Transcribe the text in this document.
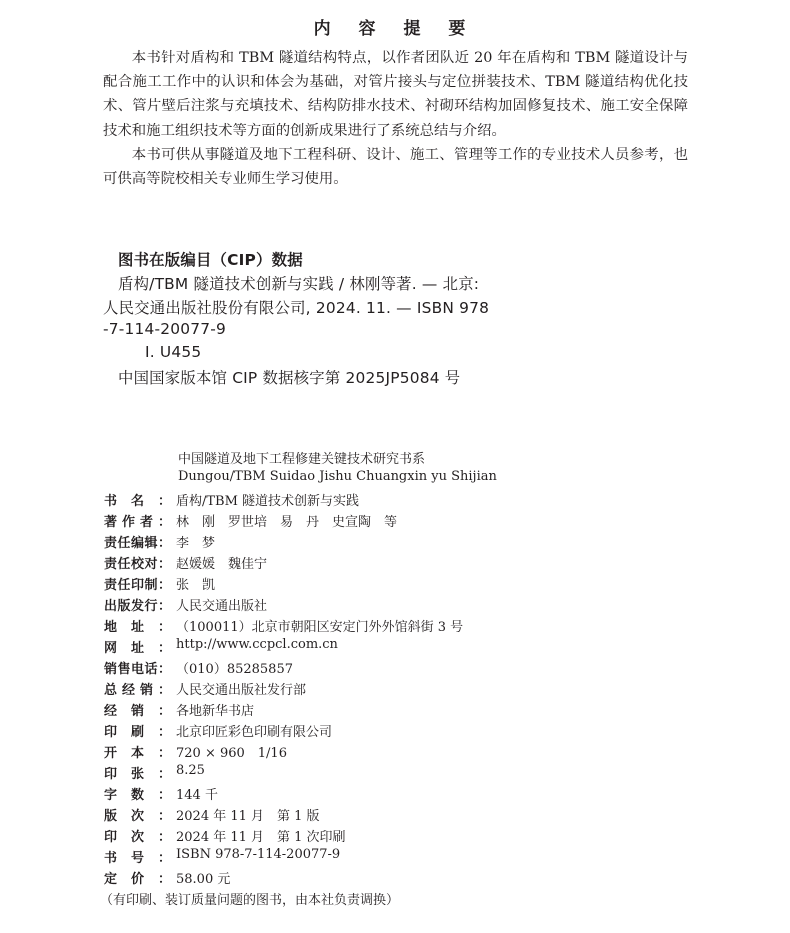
内 容 提 要

本书针对盾构和 TBM 隧道结构特点，以作者团队近 20 年在盾构和 TBM 隧道设计与配合施工工作中的认识和体会为基础，对管片接头与定位拼装技术、TBM 隧道结构优化技术、管片壁后注浆与充填技术、结构防排水技术、衬砌环结构加固修复技术、施工安全保障技术和施工组织技术等方面的创新成果进行了系统总结与介绍。

本书可供从事隧道及地下工程科研、设计、施工、管理等工作的专业技术人员参考，也可供高等院校相关专业师生学习使用。

图书在版编目（CIP）数据
盾构/TBM 隧道技术创新与实践 / 林刚等著. — 北京:
人民交通出版社股份有限公司, 2024. 11. — ISBN 978
-7-114-20077-9
Ⅰ. U455
中国国家版本馆 CIP 数据核字第 2025JP5084 号
中国隧道及地下工程修建关键技术研究书系
Dungou/TBM Suidao Jishu Chuangxin yu Shijian
书名： 盾构/TBM 隧道技术创新与实践
著作者： 林　刚　罗世培　易　丹　史宣陶　等
责任编辑： 李　梦
责任校对： 赵媛媛　魏佳宁
责任印制： 张　凯
出版发行： 人民交通出版社
地址： （100011）北京市朝阳区安定门外外馆斜街 3 号
网址： http://www.ccpcl.com.cn
销售电话： （010）85285857
总经销： 人民交通出版社发行部
经销： 各地新华书店
印刷： 北京印匠彩色印刷有限公司
开本： 720 × 960　1/16
印张： 8.25
字数： 144 千
版次： 2024 年 11 月　第 1 版
印次： 2024 年 11 月　第 1 次印刷
书号： ISBN 978-7-114-20077-9
定价： 58.00 元
（有印刷、装订质量问题的图书，由本社负责调换）
